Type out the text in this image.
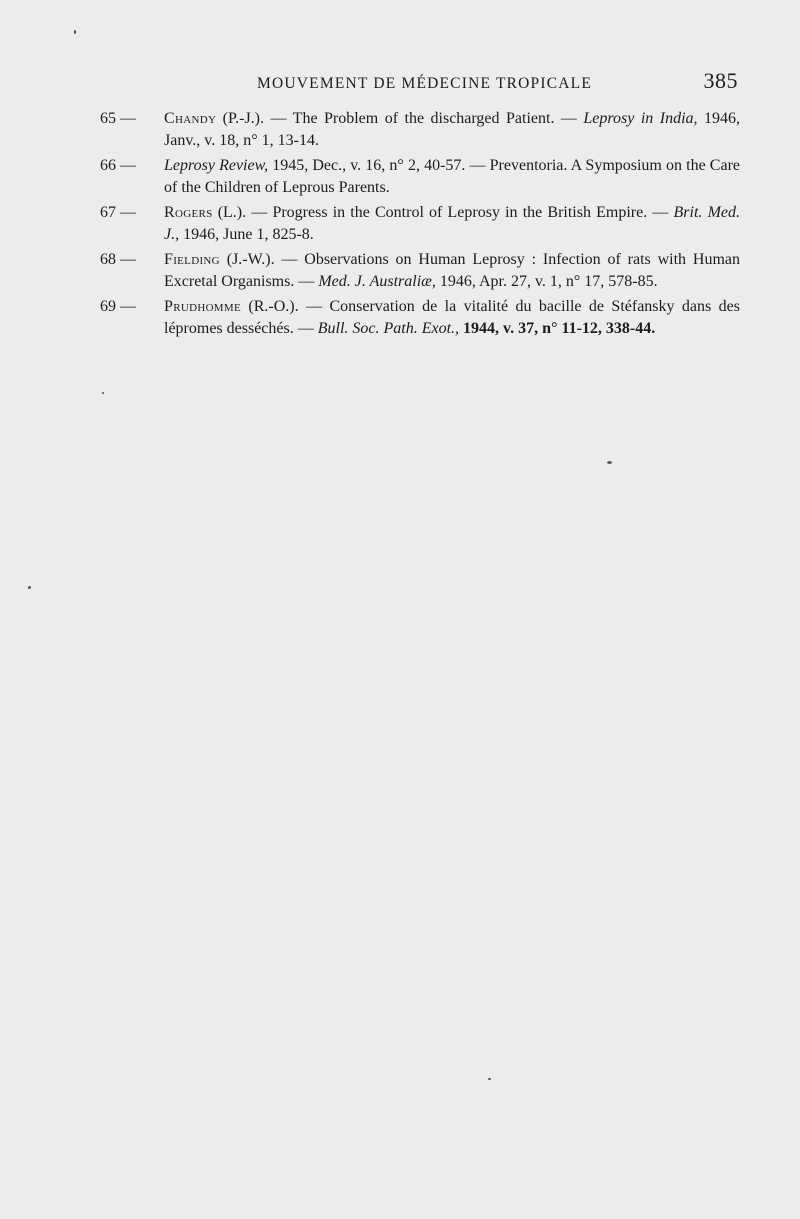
MOUVEMENT DE MÉDECINE TROPICALE	385
65 —	Chandy (P.-J.). — The Problem of the discharged Patient. — Leprosy in India, 1946, Janv., v. 18, n° 1, 13-14.
66 —	Leprosy Review, 1945, Dec., v. 16, n° 2, 40-57. — Preventoria. A Symposium on the Care of the Children of Leprous Parents.
67 —	Rogers (L.). — Progress in the Control of Leprosy in the British Empire. — Brit. Med. J., 1946, June 1, 825-8.
68 —	Fielding (J.-W.). — Observations on Human Leprosy : Infection of rats with Human Excretal Organisms. — Med. J. Australiæ, 1946, Apr. 27, v. 1, n° 17, 578-85.
69 —	Prudhomme (R.-O.). — Conservation de la vitalité du bacille de Stéfansky dans des lépromes desséchés. — Bull. Soc. Path. Exot., 1944, v. 37, n° 11-12, 338-44.
